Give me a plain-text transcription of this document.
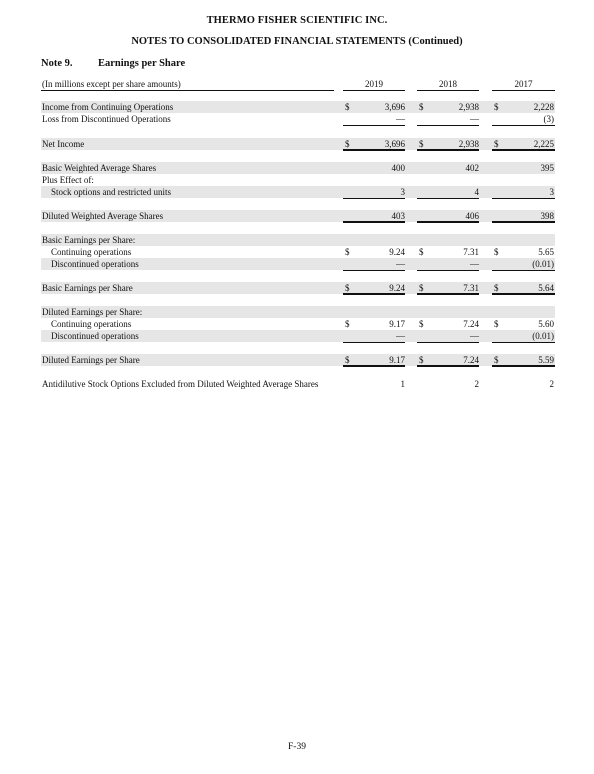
THERMO FISHER SCIENTIFIC INC.
NOTES TO CONSOLIDATED FINANCIAL STATEMENTS (Continued)
Note 9. Earnings per Share
(In millions except per share amounts)	2019	2018	2017
Income from Continuing Operations	$	3,696 $	2,938 $	2,228
Loss from Discontinued Operations	—	—	(3)
Net Income	$	3,696 $	2,938 $	2,225
Basic Weighted Average Shares	400	402	395
Plus Effect of:
Stock options and restricted units	3	4	3
Diluted Weighted Average Shares	403	406	398
Basic Earnings per Share:
Continuing operations	$	9.24 $	7.31 $	5.65
Discontinued operations	—	—	(0.01)
Basic Earnings per Share	$	9.24 $	7.31 $	5.64
Diluted Earnings per Share:
Continuing operations	$	9.17 $	7.24 $	5.60
Discontinued operations	—	—	(0.01)
Diluted Earnings per Share	$	9.17 $	7.24 $	5.59
Antidilutive Stock Options Excluded from Diluted Weighted Average Shares	1	2	2
F-39
